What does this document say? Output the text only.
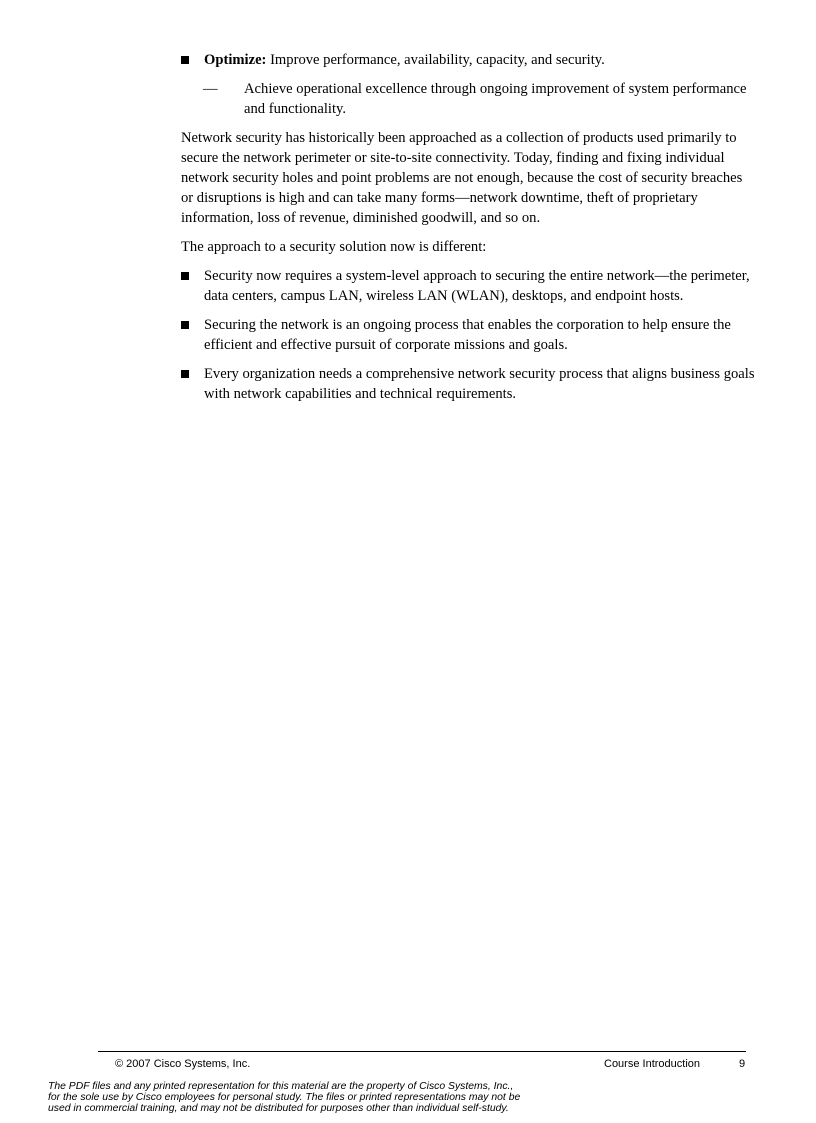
Optimize: Improve performance, availability, capacity, and security.
— Achieve operational excellence through ongoing improvement of system performance and functionality.

Network security has historically been approached as a collection of products used primarily to secure the network perimeter or site-to-site connectivity. Today, finding and fixing individual network security holes and point problems are not enough, because the cost of security breaches or disruptions is high and can take many forms—network downtime, theft of proprietary information, loss of revenue, diminished goodwill, and so on.

The approach to a security solution now is different:

Security now requires a system-level approach to securing the entire network—the perimeter, data centers, campus LAN, wireless LAN (WLAN), desktops, and endpoint hosts.
Securing the network is an ongoing process that enables the corporation to help ensure the efficient and effective pursuit of corporate missions and goals.
Every organization needs a comprehensive network security process that aligns business goals with network capabilities and technical requirements.
© 2007 Cisco Systems, Inc.	Course Introduction	9
The PDF files and any printed representation for this material are the property of Cisco Systems, Inc.,
for the sole use by Cisco employees for personal study. The files or printed representations may not be
used in commercial training, and may not be distributed for purposes other than individual self-study.
